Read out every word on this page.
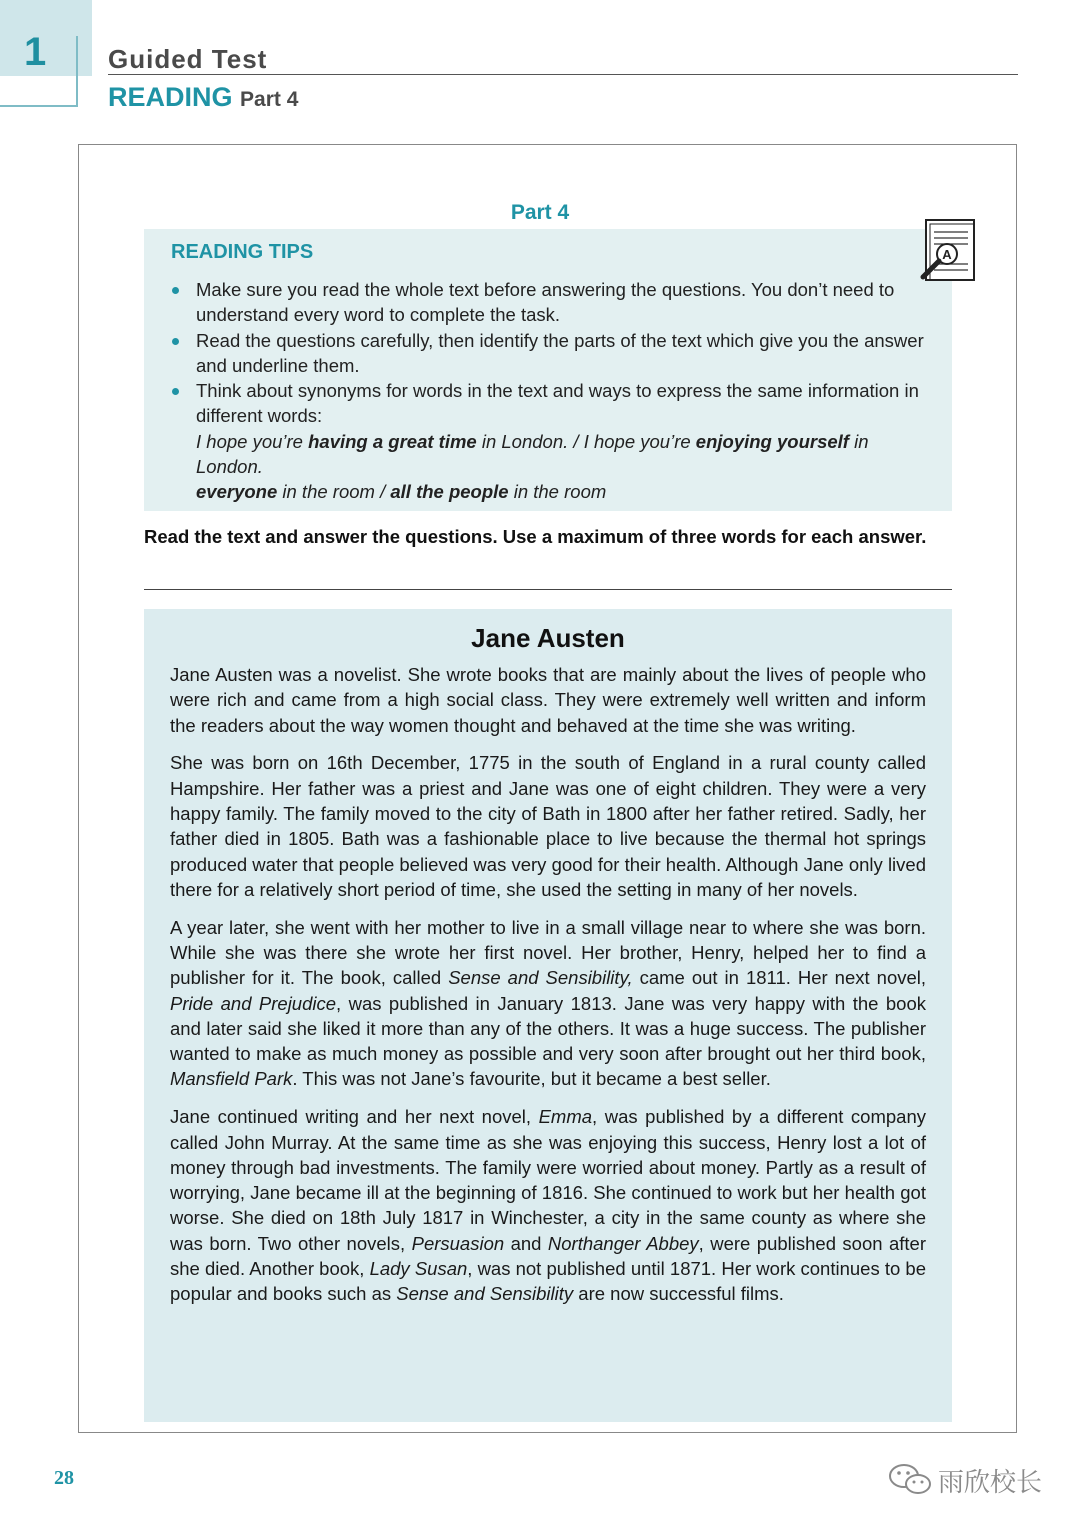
1 Guided Test
READING Part 4
Part 4
READING TIPS
Make sure you read the whole text before answering the questions. You don’t need to understand every word to complete the task.
Read the questions carefully, then identify the parts of the text which give you the answer and underline them.
Think about synonyms for words in the text and ways to express the same information in different words:
I hope you’re having a great time in London. / I hope you’re enjoying yourself in London.
everyone in the room / all the people in the room
A
Read the text and answer the questions. Use a maximum of three words for each answer.
Jane Austen

Jane Austen was a novelist. She wrote books that are mainly about the lives of people who were rich and came from a high social class. They were extremely well written and inform the readers about the way women thought and behaved at the time she was writing.

She was born on 16th December, 1775 in the south of England in a rural county called Hampshire. Her father was a priest and Jane was one of eight children. They were a very happy family. The family moved to the city of Bath in 1800 after her father retired. Sadly, her father died in 1805. Bath was a fashionable place to live because the thermal hot springs produced water that people believed was very good for their health. Although Jane only lived there for a relatively short period of time, she used the setting in many of her novels.

A year later, she went with her mother to live in a small village near to where she was born. While she was there she wrote her first novel. Her brother, Henry, helped her to find a publisher for it. The book, called Sense and Sensibility, came out in 1811. Her next novel, Pride and Prejudice, was published in January 1813. Jane was very happy with the book and later said she liked it more than any of the others. It was a huge success. The publisher wanted to make as much money as possible and very soon after brought out her third book, Mansfield Park. This was not Jane’s favourite, but it became a best seller.

Jane continued writing and her next novel, Emma, was published by a different company called John Murray. At the same time as she was enjoying this success, Henry lost a lot of money through bad investments. The family were worried about money. Partly as a result of worrying, Jane became ill at the beginning of 1816. She continued to work but her health got worse. She died on 18th July 1817 in Winchester, a city in the same county as where she was born. Two other novels, Persuasion and Northanger Abbey, were published soon after she died. Another book, Lady Susan, was not published until 1871. Her work continues to be popular and books such as Sense and Sensibility are now successful films.

28	雨欣校长
